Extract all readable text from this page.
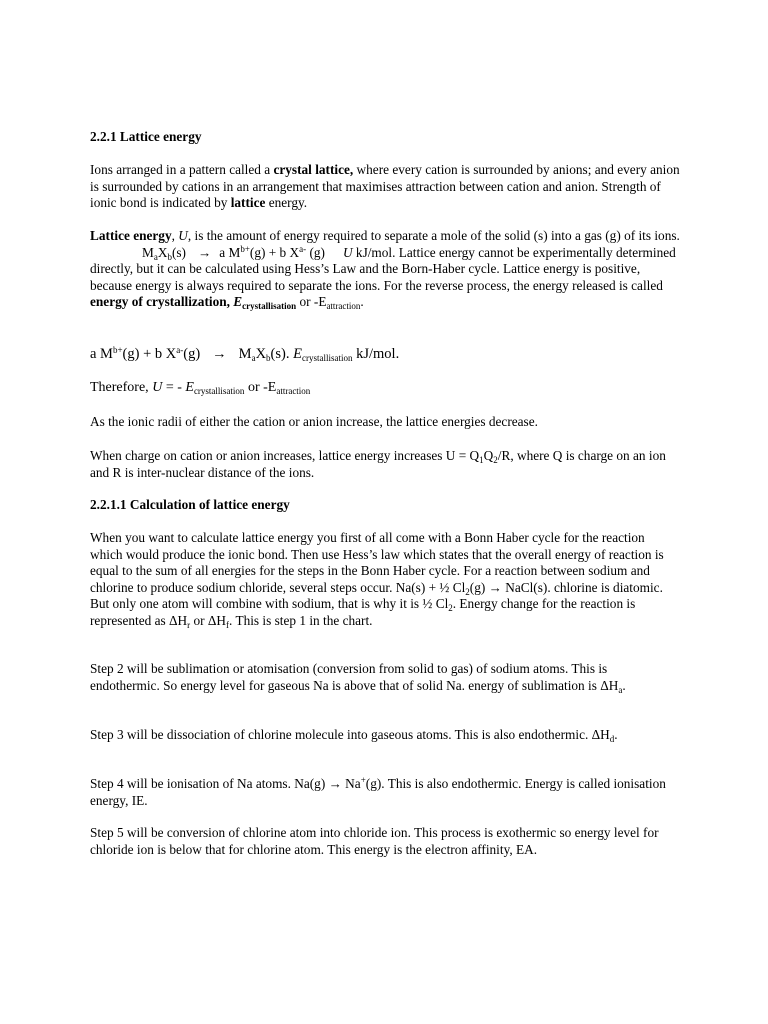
2.2.1 Lattice energy
Ions arranged in a pattern called a crystal lattice, where every cation is surrounded by anions; and every anion is surrounded by cations in an arrangement that maximises attraction between cation and anion. Strength of ionic bond is indicated by lattice energy.
Lattice energy, U, is the amount of energy required to separate a mole of the solid (s) into a gas (g) of its $ions.M_aX_b(s) \to a$ $M^{b+}(g) + b$ $X^{a-}$ (g) U kJ/mol. Lattice energy cannot be experimentally determined directly, but it can be calculated using Hess’s Law and the Born-Haber cycle. Lattice energy is positive, because energy is always required to separate the ions. For the reverse process, the energy released is called energy of crystallization, $E_{crystallisation}$ or $-E_{attraction}$.
a $M^{b+}(g) + b$ $X^{a-}(g) \to M_aX_b(s)$. $E_{crystallisation}$ kJ/mol.
Therefore, U = - $E_{crystallisation}$ or $-E_{attraction}$
As the ionic radii of either the cation or anion increase, the lattice energies decrease.
When charge on cation or anion increases, lattice energy increases $U = Q_1Q_2/R$, where Q is charge on an ion and R is inter-nuclear distance of the ions.
2.2.1.1 Calculation of lattice energy
When you want to calculate lattice energy you first of all come with a Bonn Haber cycle for the reaction which would produce the ionic bond. Then use Hess’s law which states that the overall energy of reaction is equal to the sum of all energies for the steps in the Bonn Haber cycle. For a reaction between sodium and chlorine to produce sodium chloride, several steps occur. Na(s) + ½ $Cl_2(g)$ → NaCl(s). chlorine is diatomic. But only one atom will combine with sodium, that is why it is ½ $Cl_2$. Energy change for the reaction is represented as $\Delta H_r$ or $\Delta H_f$. This is step 1 in the chart.
Step 2 will be sublimation or atomisation (conversion from solid to gas) of sodium atoms. This is endothermic. So energy level for gaseous Na is above that of solid Na. energy of sublimation is $\Delta H_a$.
Step 3 will be dissociation of chlorine molecule into gaseous atoms. This is also endothermic. $\Delta H_d$.
Step 4 will be ionisation of Na atoms. Na(g) → Na+(g). This is also endothermic. Energy is called ionisation energy, IE.
Step 5 will be conversion of chlorine atom into chloride ion. This process is exothermic so energy level for chloride ion is below that for chlorine atom. This energy is the electron affinity, EA.
